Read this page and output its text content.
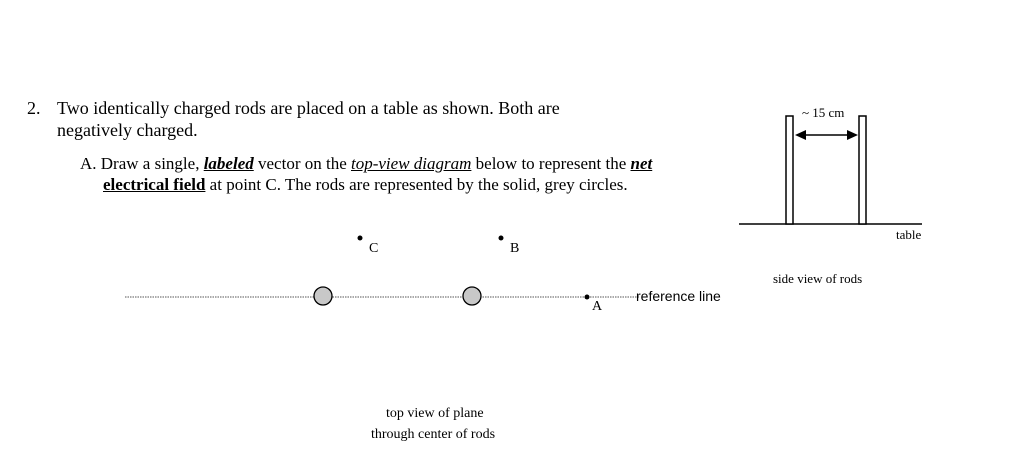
2. Two identically charged rods are placed on a table as shown. Both are
negatively charged.
A. Draw a single, labeled vector on the top-view diagram below to represent the net
electrical field at point C. The rods are represented by the solid, grey circles.
~ 15 cm
table
side view of rods
C	B
A
reference line
top view of plane
through center of rods
